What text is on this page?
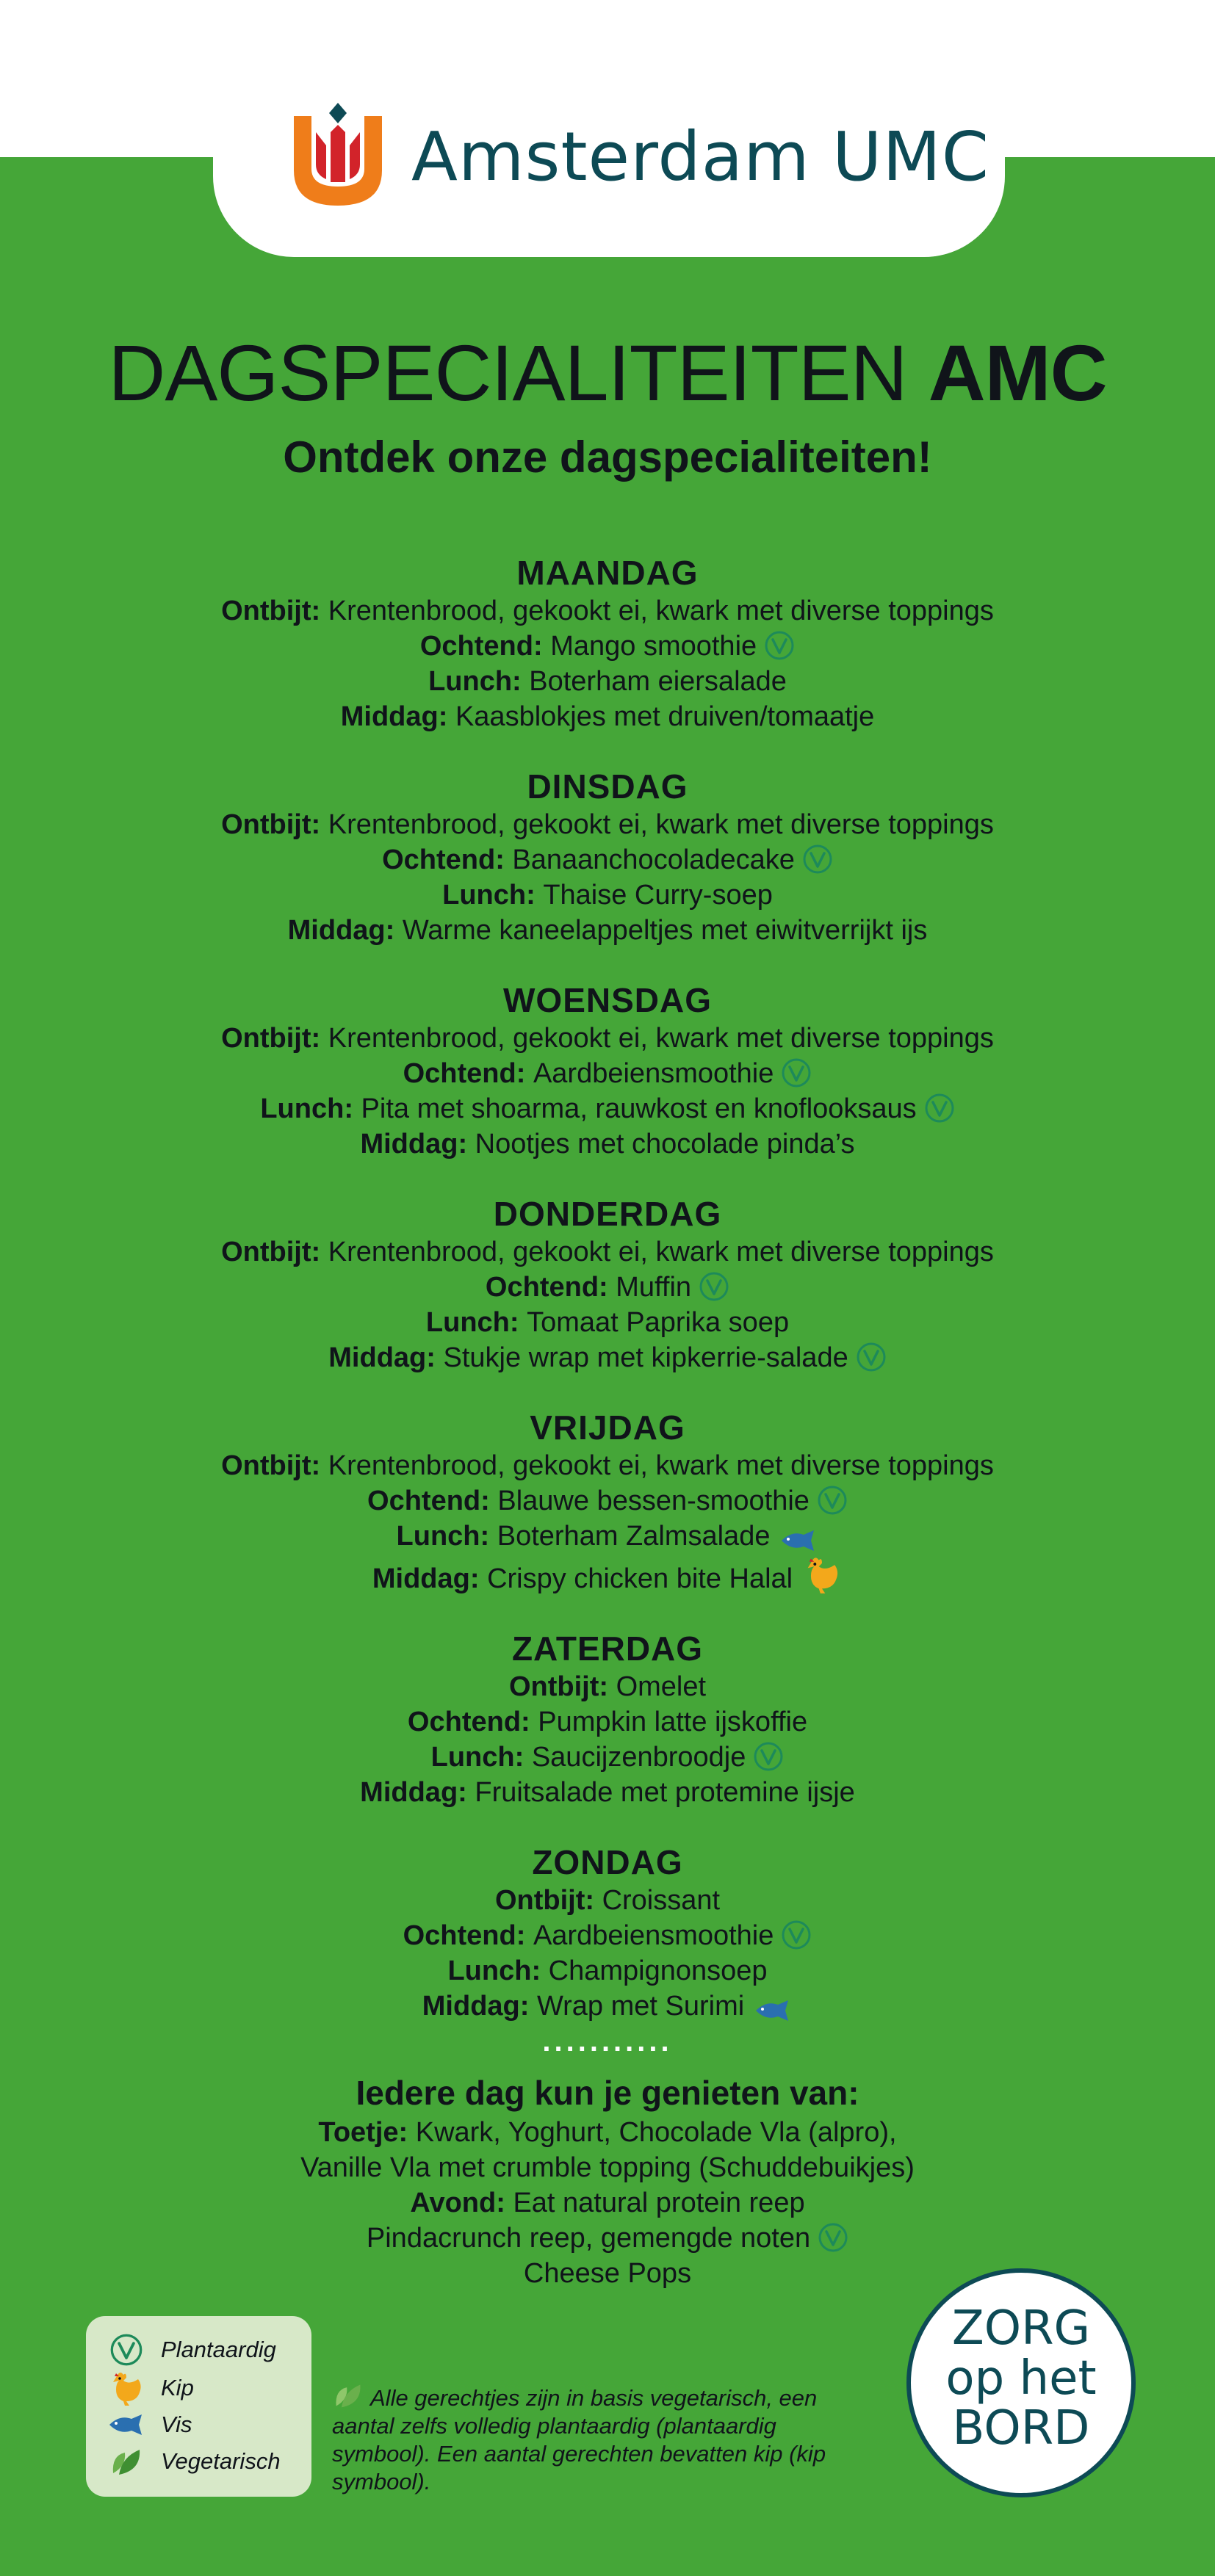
Amsterdam UMC
DAGSPECIALITEITEN AMC
Ontdek onze dagspecialiteiten!
MAANDAG
Ontbijt: Krentenbrood, gekookt ei, kwark met diverse toppings
Ochtend: Mango smoothie
Lunch: Boterham eiersalade
Middag: Kaasblokjes met druiven/tomaatje
DINSDAG
Ontbijt: Krentenbrood, gekookt ei, kwark met diverse toppings
Ochtend: Banaanchocoladecake
Lunch: Thaise Curry-soep
Middag: Warme kaneelappeltjes met eiwitverrijkt ijs
WOENSDAG
Ontbijt: Krentenbrood, gekookt ei, kwark met diverse toppings
Ochtend: Aardbeiensmoothie
Lunch: Pita met shoarma, rauwkost en knoflooksaus
Middag: Nootjes met chocolade pinda’s
DONDERDAG
Ontbijt: Krentenbrood, gekookt ei, kwark met diverse toppings
Ochtend: Muffin
Lunch: Tomaat Paprika soep
Middag: Stukje wrap met kipkerrie-salade
VRIJDAG
Ontbijt: Krentenbrood, gekookt ei, kwark met diverse toppings
Ochtend: Blauwe bessen-smoothie
Lunch: Boterham Zalmsalade
Middag: Crispy chicken bite Halal
ZATERDAG
Ontbijt: Omelet
Ochtend: Pumpkin latte ijskoffie
Lunch: Saucijzenbroodje
Middag: Fruitsalade met protemine ijsje
ZONDAG
Ontbijt: Croissant
Ochtend: Aardbeiensmoothie
Lunch: Champignonsoep
Middag: Wrap met Surimi
...........
Iedere dag kun je genieten van:
Toetje: Kwark, Yoghurt, Chocolade Vla (alpro),
Vanille Vla met crumble topping (Schuddebuikjes)
Avond: Eat natural protein reep
Pindacrunch reep, gemengde noten
Cheese Pops
Plantaardig
Kip
Vis
Vegetarisch
Alle gerechtjes zijn in basis vegetarisch, een aantal zelfs volledig plantaardig (plantaardig symbool). Een aantal gerechten bevatten kip (kip symbool).
ZORG
op het
BORD
